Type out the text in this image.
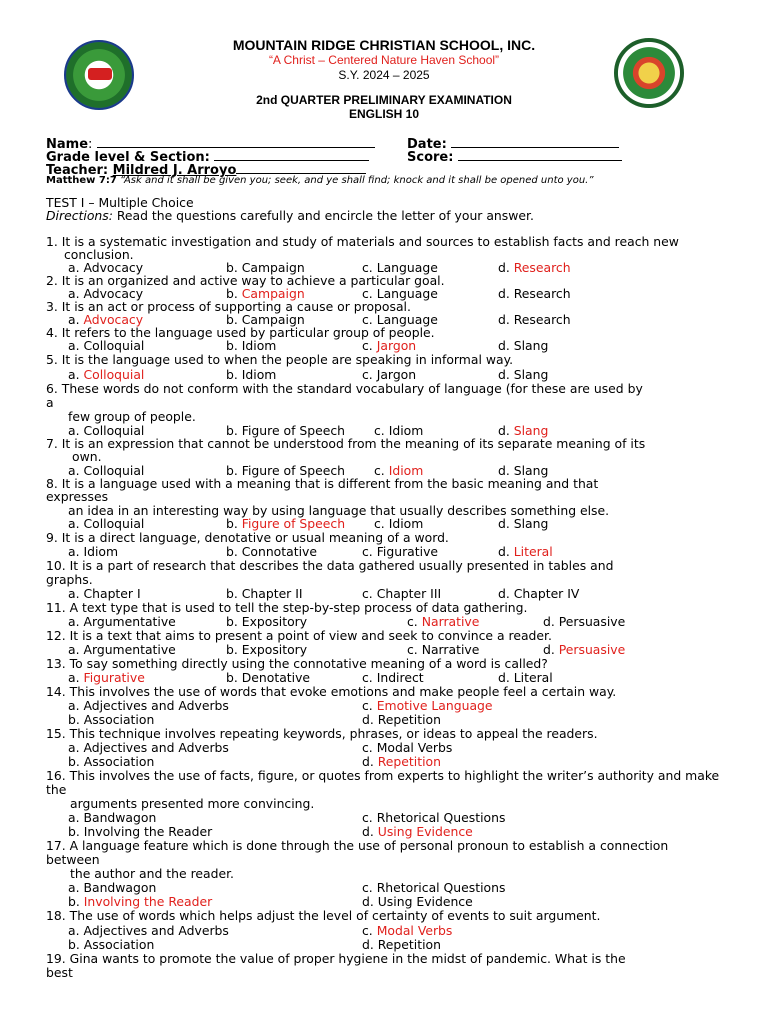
MOUNTAIN RIDGE CHRISTIAN SCHOOL, INC.
“A Christ – Centered Nature Haven School”
S.Y. 2024 – 2025
2nd QUARTER PRELIMINARY EXAMINATION
ENGLISH 10
Name:	Date:
Grade level & Section:	Score:
Teacher: Mildred J. Arroyo
Matthew 7:7 “Ask and it shall be given you; seek, and ye shall find; knock and it shall be opened unto you.”
TEST I – Multiple Choice
Directions: Read the questions carefully and encircle the letter of your answer.
1. It is a systematic investigation and study of materials and sources to establish facts and reach new
conclusion.
a. Advocacy	b. Campaign	c. Language	d. Research
2. It is an organized and active way to achieve a particular goal.
a. Advocacy	b. Campaign	c. Language	d. Research
3. It is an act or process of supporting a cause or proposal.
a. Advocacy	b. Campaign	c. Language	d. Research
4. It refers to the language used by particular group of people.
a. Colloquial	b. Idiom	c. Jargon	d. Slang
5. It is the language used to when the people are speaking in informal way.
a. Colloquial	b. Idiom	c. Jargon	d. Slang
6. These words do not conform with the standard vocabulary of language (for these are used by
a
few group of people.
a. Colloquial	b. Figure of Speech c. Idiom	d. Slang
7. It is an expression that cannot be understood from the meaning of its separate meaning of its
own.
a. Colloquial	b. Figure of Speech c. Idiom	d. Slang
8. It is a language used with a meaning that is different from the basic meaning and that
expresses
an idea in an interesting way by using language that usually describes something else.
a. Colloquial	b. Figure of Speech c. Idiom	d. Slang
9. It is a direct language, denotative or usual meaning of a word.
a. Idiom	b. Connotative	c. Figurative	d. Literal
10. It is a part of research that describes the data gathered usually presented in tables and
graphs.
a. Chapter I	b. Chapter II	c. Chapter III	d. Chapter IV
11. A text type that is used to tell the step-by-step process of data gathering.
a. Argumentative	b. Expository	c. Narrative	d. Persuasive
12. It is a text that aims to present a point of view and seek to convince a reader.
a. Argumentative	b. Expository	c. Narrative	d. Persuasive
13. To say something directly using the connotative meaning of a word is called?
a. Figurative	b. Denotative	c. Indirect	d. Literal
14. This involves the use of words that evoke emotions and make people feel a certain way.
a. Adjectives and Adverbs	c. Emotive Language
b. Association	d. Repetition
15. This technique involves repeating keywords, phrases, or ideas to appeal the readers.
a. Adjectives and Adverbs	c. Modal Verbs
b. Association	d. Repetition
16. This involves the use of facts, figure, or quotes from experts to highlight the writer’s authority and make
the
arguments presented more convincing.
a. Bandwagon	c. Rhetorical Questions
b. Involving the Reader	d. Using Evidence
17. A language feature which is done through the use of personal pronoun to establish a connection
between
the author and the reader.
a. Bandwagon	c. Rhetorical Questions
b. Involving the Reader	d. Using Evidence
18. The use of words which helps adjust the level of certainty of events to suit argument.
a. Adjectives and Adverbs	c. Modal Verbs
b. Association	d. Repetition
19. Gina wants to promote the value of proper hygiene in the midst of pandemic. What is the
best
